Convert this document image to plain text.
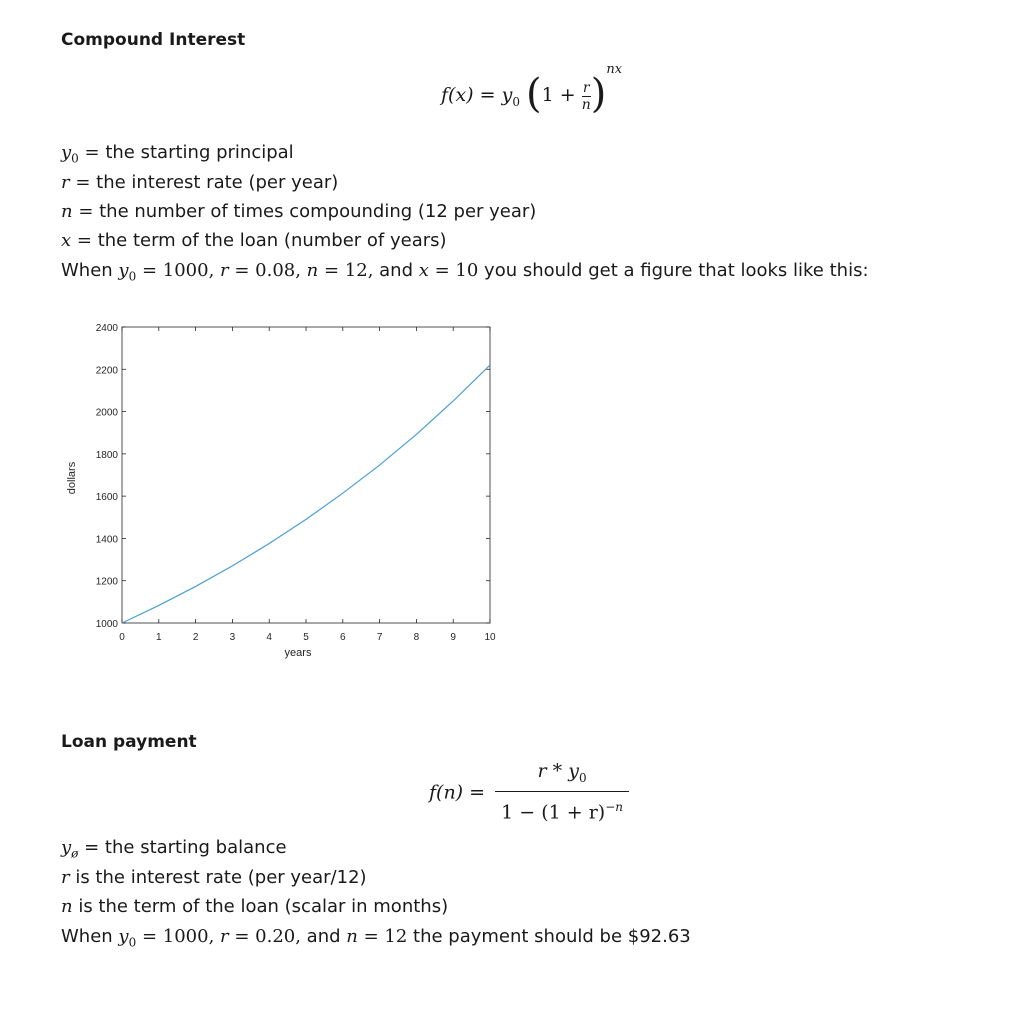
Compound Interest
$f(x) = y_0$ $(1 + \frac{r}{n} )^{nx}$
$y_0$ = the starting principal
r = the interest rate (per year)
n = the number of times compounding (12 per year)
x = the term of the loan (number of years)
When $y_0 = 1000$, r = 0.08, n = 12, and x = 10 you should get a figure that looks like this:
0	1	2	3	4	5	6	7	8	9	10
1000
1200
1400
1600
1800
2000
2200
2400
years
dollars
Loan payment
$f(n) = \frac{r * y_0}{1 - (1 + r)^{-n}}$
$y_ø$ = the starting balance
r is the interest rate (per year/12)
n is the term of the loan (scalar in months)
When $y_0 = 1000$, r = 0.20, and n = 12 the payment should be $92.63
